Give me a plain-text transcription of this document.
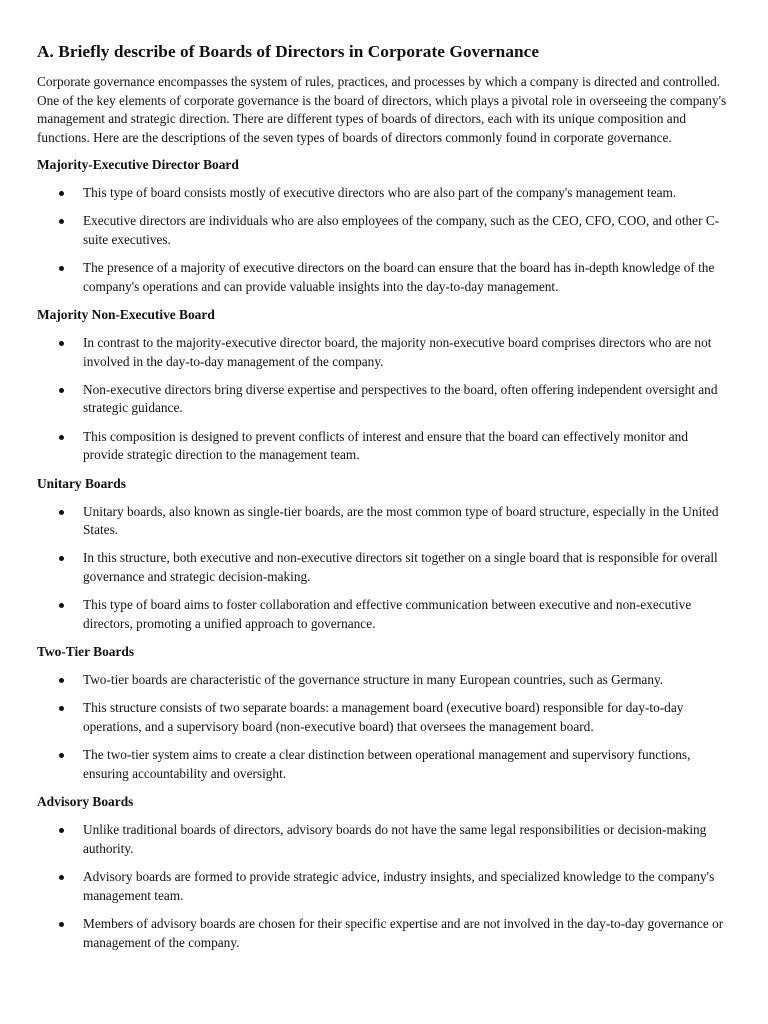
A. Briefly describe of Boards of Directors in Corporate Governance

Corporate governance encompasses the system of rules, practices, and processes by which a company is directed and controlled. One of the key elements of corporate governance is the board of directors, which plays a pivotal role in overseeing the company's management and strategic direction. There are different types of boards of directors, each with its unique composition and functions. Here are the descriptions of the seven types of boards of directors commonly found in corporate governance.

Majority-Executive Director Board
This type of board consists mostly of executive directors who are also part of the company's management team.
Executive directors are individuals who are also employees of the company, such as the CEO, CFO, COO, and other C-suite executives.
The presence of a majority of executive directors on the board can ensure that the board has in-depth knowledge of the company's operations and can provide valuable insights into the day-to-day management.
Majority Non-Executive Board
In contrast to the majority-executive director board, the majority non-executive board comprises directors who are not involved in the day-to-day management of the company.
Non-executive directors bring diverse expertise and perspectives to the board, often offering independent oversight and strategic guidance.
This composition is designed to prevent conflicts of interest and ensure that the board can effectively monitor and provide strategic direction to the management team.
Unitary Boards
Unitary boards, also known as single-tier boards, are the most common type of board structure, especially in the United States.
In this structure, both executive and non-executive directors sit together on a single board that is responsible for overall governance and strategic decision-making.
This type of board aims to foster collaboration and effective communication between executive and non-executive directors, promoting a unified approach to governance.
Two-Tier Boards
Two-tier boards are characteristic of the governance structure in many European countries, such as Germany.
This structure consists of two separate boards: a management board (executive board) responsible for day-to-day operations, and a supervisory board (non-executive board) that oversees the management board.
The two-tier system aims to create a clear distinction between operational management and supervisory functions, ensuring accountability and oversight.
Advisory Boards
Unlike traditional boards of directors, advisory boards do not have the same legal responsibilities or decision-making authority.
Advisory boards are formed to provide strategic advice, industry insights, and specialized knowledge to the company's management team.
Members of advisory boards are chosen for their specific expertise and are not involved in the day-to-day governance or management of the company.
